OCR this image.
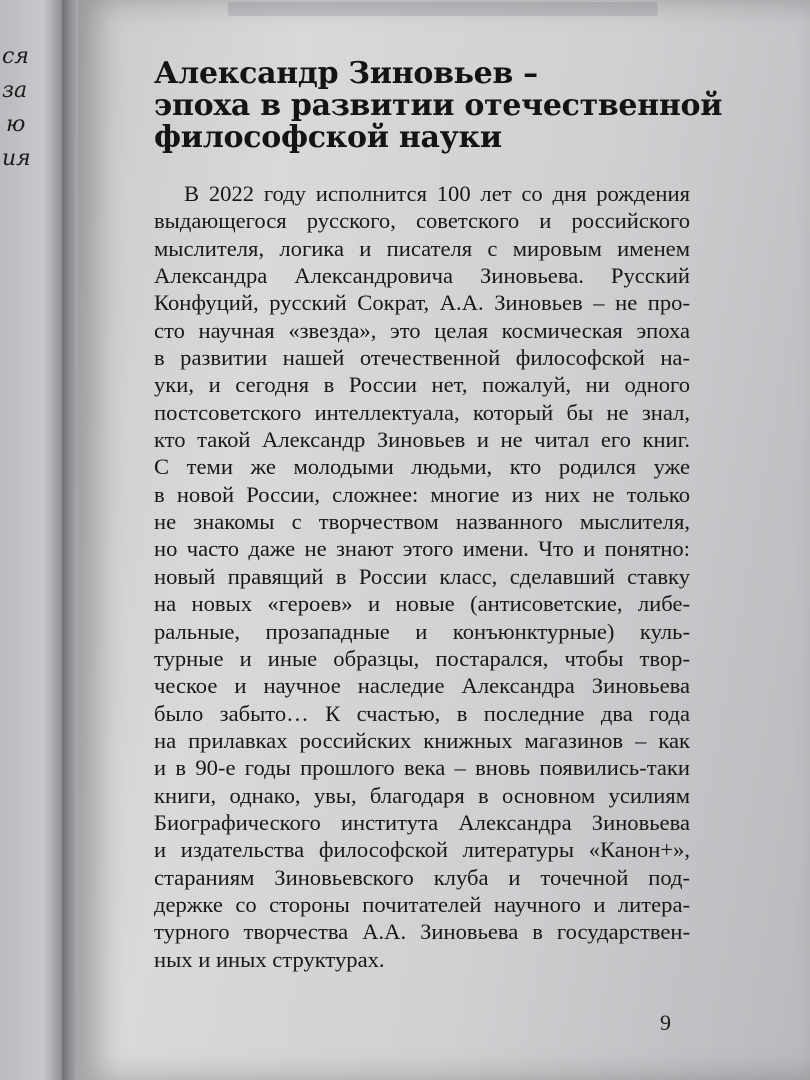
ся
за
ю
ия
Александр Зиновьев –
эпоха в развитии отечественной
философской науки
В 2022 году исполнится 100 лет со дня рождения
выдающегося русского, советского и российского
мыслителя, логика и писателя с мировым именем
Александра Александровича Зиновьева. Русский
Конфуций, русский Сократ, А.А. Зиновьев – не про-
сто научная «звезда», это целая космическая эпоха
в развитии нашей отечественной философской на-
уки, и сегодня в России нет, пожалуй, ни одного
постсоветского интеллектуала, который бы не знал,
кто такой Александр Зиновьев и не читал его книг.
С теми же молодыми людьми, кто родился уже
в новой России, сложнее: многие из них не только
не знакомы с творчеством названного мыслителя,
но часто даже не знают этого имени. Что и понятно:
новый правящий в России класс, сделавший ставку
на новых «героев» и новые (антисоветские, либе-
ральные, прозападные и конъюнктурные) куль-
турные и иные образцы, постарался, чтобы твор-
ческое и научное наследие Александра Зиновьева
было забыто… К счастью, в последние два года
на прилавках российских книжных магазинов – как
и в 90-е годы прошлого века – вновь появились-таки
книги, однако, увы, благодаря в основном усилиям
Биографического института Александра Зиновьева
и издательства философской литературы «Канон+»,
стараниям Зиновьевского клуба и точечной под-
держке со стороны почитателей научного и литера-
турного творчества А.А. Зиновьева в государствен-
ных и иных структурах.
9
